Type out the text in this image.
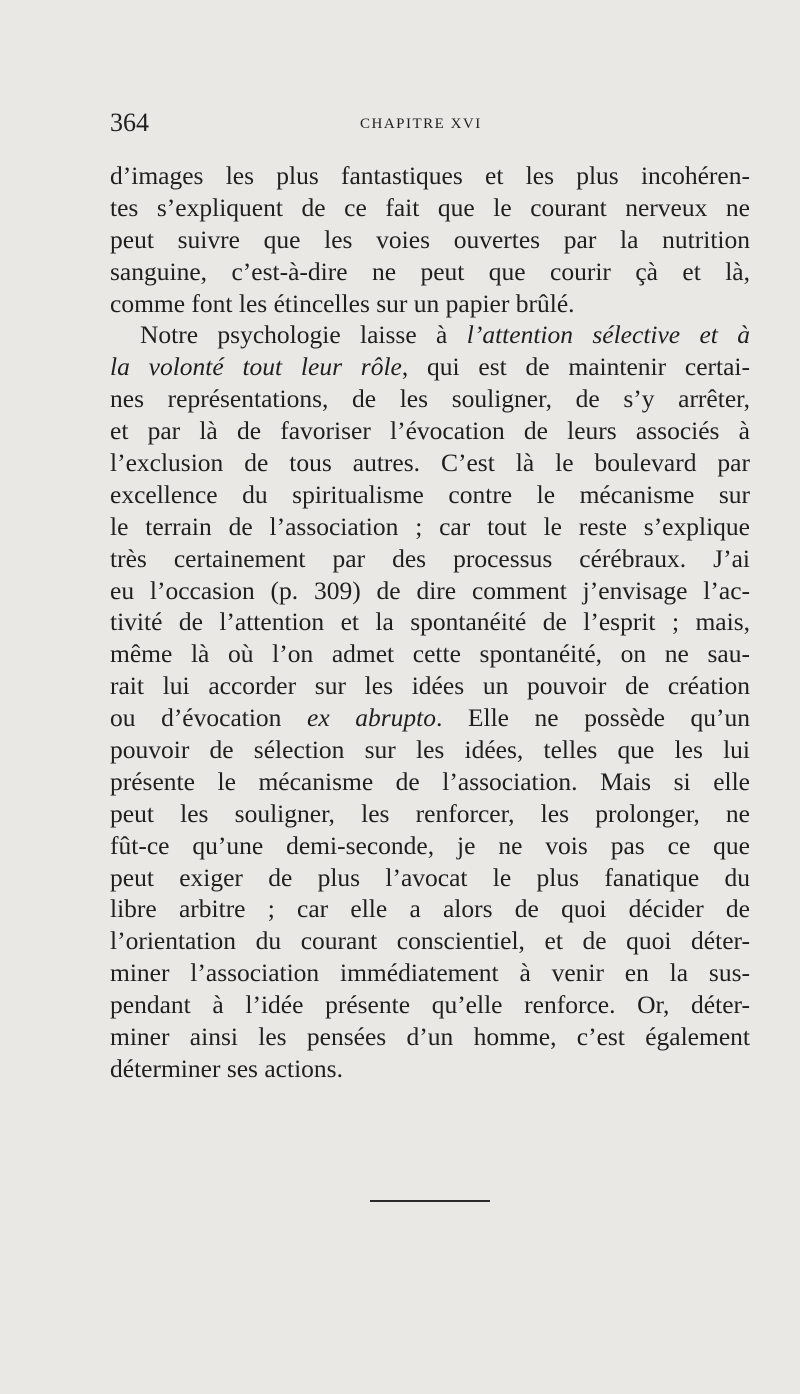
364	CHAPITRE XVI
d’images les plus fantastiques et les plus incohéren-
tes s’expliquent de ce fait que le courant nerveux ne
peut suivre que les voies ouvertes par la nutrition
sanguine, c’est-à-dire ne peut que courir çà et là,
comme font les étincelles sur un papier brûlé.
Notre psychologie laisse à l’attention sélective et à
la volonté tout leur rôle, qui est de maintenir certai-
nes représentations, de les souligner, de s’y arrêter,
et par là de favoriser l’évocation de leurs associés à
l’exclusion de tous autres. C’est là le boulevard par
excellence du spiritualisme contre le mécanisme sur
le terrain de l’association ; car tout le reste s’explique
très certainement par des processus cérébraux. J’ai
eu l’occasion (p. 309) de dire comment j’envisage l’ac-
tivité de l’attention et la spontanéité de l’esprit ; mais,
même là où l’on admet cette spontanéité, on ne sau-
rait lui accorder sur les idées un pouvoir de création
ou d’évocation ex abrupto. Elle ne possède qu’un
pouvoir de sélection sur les idées, telles que les lui
présente le mécanisme de l’association. Mais si elle
peut les souligner, les renforcer, les prolonger, ne
fût-ce qu’une demi-seconde, je ne vois pas ce que
peut exiger de plus l’avocat le plus fanatique du
libre arbitre ; car elle a alors de quoi décider de
l’orientation du courant conscientiel, et de quoi déter-
miner l’association immédiatement à venir en la sus-
pendant à l’idée présente qu’elle renforce. Or, déter-
miner ainsi les pensées d’un homme, c’est également
déterminer ses actions.
